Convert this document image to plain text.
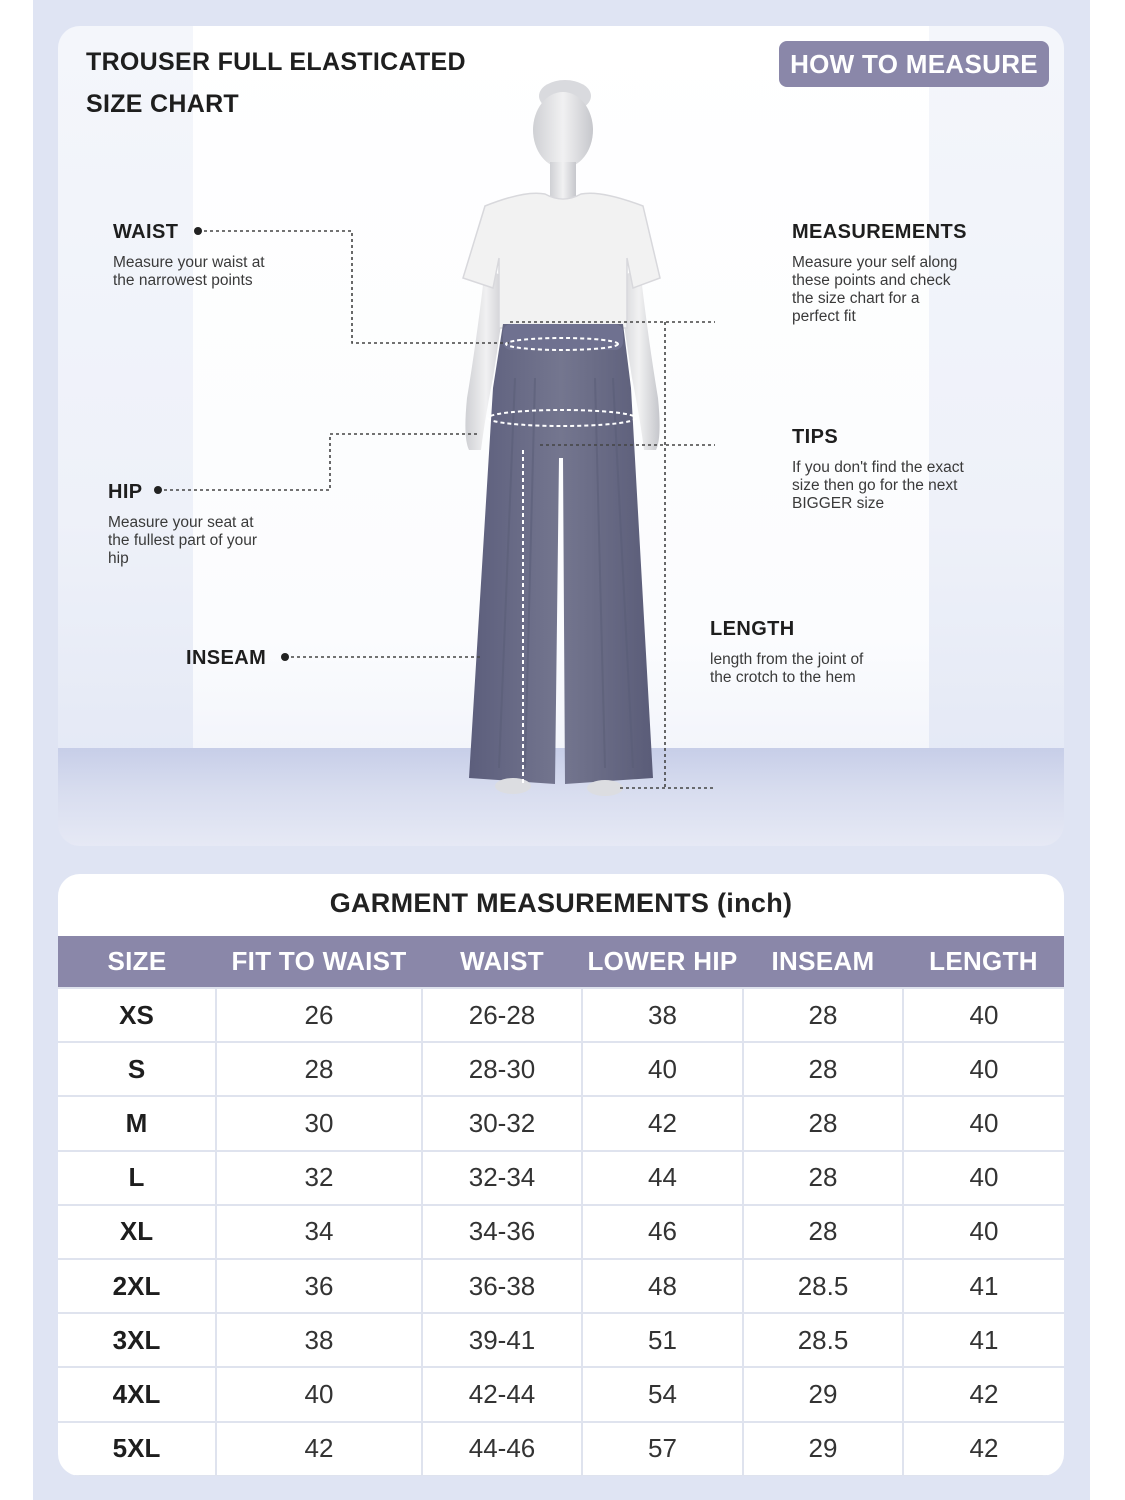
TROUSER FULL ELASTICATED
SIZE CHART
HOW TO MEASURE
WAIST
Measure your waist at
the narrowest points
HIP
Measure your seat at
the fullest part of your
hip
INSEAM
MEASUREMENTS
Measure your self along
these points and check
the size chart for a
perfect fit
TIPS
If you don't find the exact
size then go for the next
BIGGER size
LENGTH
length from the joint of
the crotch to the hem
GARMENT MEASUREMENTS (inch)
SIZE	FIT TO WAIST	WAIST	LOWER HIP	INSEAM	LENGTH
XS	26	26-28	38	28	40
S	28	28-30	40	28	40
M	30	30-32	42	28	40
L	32	32-34	44	28	40
XL	34	34-36	46	28	40
2XL	36	36-38	48	28.5	41
3XL	38	39-41	51	28.5	41
4XL	40	42-44	54	29	42
5XL	42	44-46	57	29	42
